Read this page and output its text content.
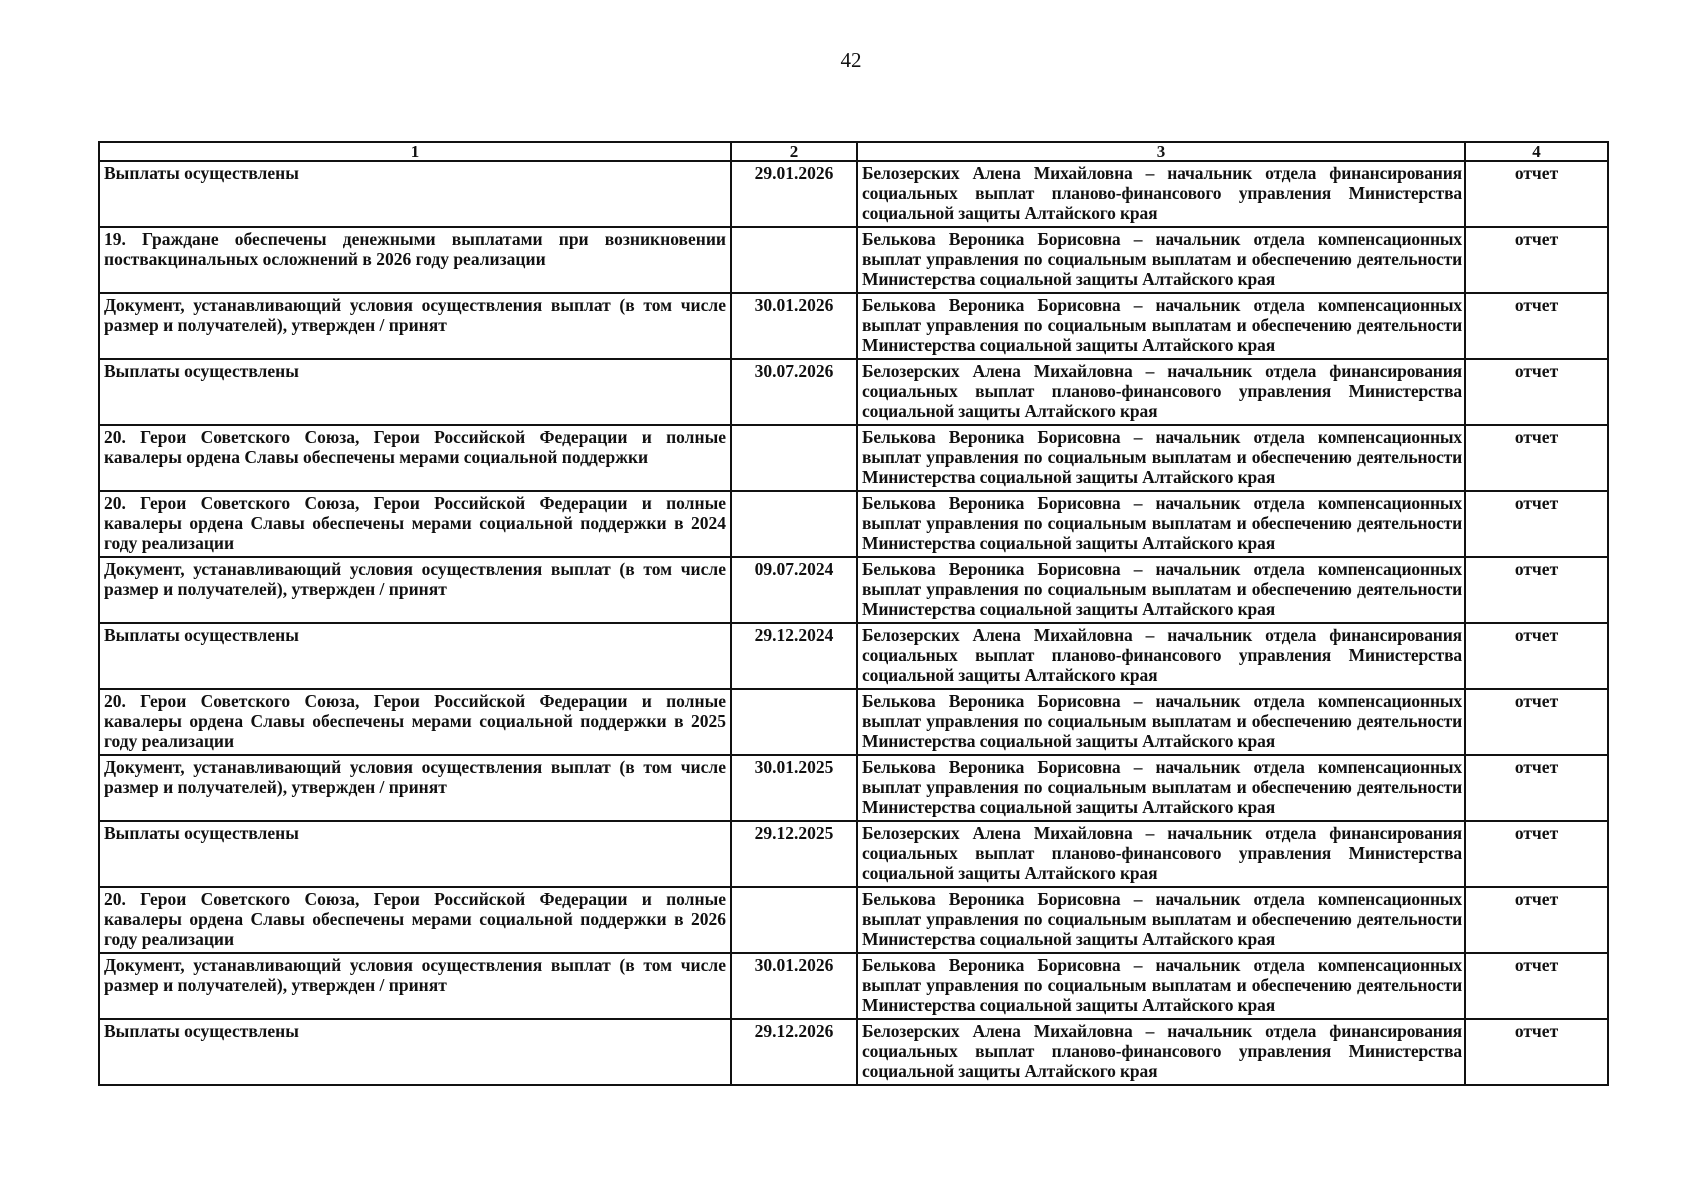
42
1	2	3	4
Выплаты осуществлены	29.01.2026	Белозерских Алена Михайловна – начальник отдела финансирования социальных выплат планово-финансового управления Министерства социальной защиты Алтайского края	отчет
19. Граждане обеспечены денежными выплатами при возникновении поствакцинальных осложнений в 2026 году реализации		Белькова Вероника Борисовна – начальник отдела компенсационных выплат управления по социальным выплатам и обеспечению деятельности Министерства социальной защиты Алтайского края	отчет
Документ, устанавливающий условия осуществления выплат (в том числе размер и получателей), утвержден / принят	30.01.2026	Белькова Вероника Борисовна – начальник отдела компенсационных выплат управления по социальным выплатам и обеспечению деятельности Министерства социальной защиты Алтайского края	отчет
Выплаты осуществлены	30.07.2026	Белозерских Алена Михайловна – начальник отдела финансирования социальных выплат планово-финансового управления Министерства социальной защиты Алтайского края	отчет
20. Герои Советского Союза, Герои Российской Федерации и полные кавалеры ордена Славы обеспечены мерами социальной поддержки		Белькова Вероника Борисовна – начальник отдела компенсационных выплат управления по социальным выплатам и обеспечению деятельности Министерства социальной защиты Алтайского края	отчет
20. Герои Советского Союза, Герои Российской Федерации и полные кавалеры ордена Славы обеспечены мерами социальной поддержки в 2024 году реализации		Белькова Вероника Борисовна – начальник отдела компенсационных выплат управления по социальным выплатам и обеспечению деятельности Министерства социальной защиты Алтайского края	отчет
Документ, устанавливающий условия осуществления выплат (в том числе размер и получателей), утвержден / принят	09.07.2024	Белькова Вероника Борисовна – начальник отдела компенсационных выплат управления по социальным выплатам и обеспечению деятельности Министерства социальной защиты Алтайского края	отчет
Выплаты осуществлены	29.12.2024	Белозерских Алена Михайловна – начальник отдела финансирования социальных выплат планово-финансового управления Министерства социальной защиты Алтайского края	отчет
20. Герои Советского Союза, Герои Российской Федерации и полные кавалеры ордена Славы обеспечены мерами социальной поддержки в 2025 году реализации		Белькова Вероника Борисовна – начальник отдела компенсационных выплат управления по социальным выплатам и обеспечению деятельности Министерства социальной защиты Алтайского края	отчет
Документ, устанавливающий условия осуществления выплат (в том числе размер и получателей), утвержден / принят	30.01.2025	Белькова Вероника Борисовна – начальник отдела компенсационных выплат управления по социальным выплатам и обеспечению деятельности Министерства социальной защиты Алтайского края	отчет
Выплаты осуществлены	29.12.2025	Белозерских Алена Михайловна – начальник отдела финансирования социальных выплат планово-финансового управления Министерства социальной защиты Алтайского края	отчет
20. Герои Советского Союза, Герои Российской Федерации и полные кавалеры ордена Славы обеспечены мерами социальной поддержки в 2026 году реализации		Белькова Вероника Борисовна – начальник отдела компенсационных выплат управления по социальным выплатам и обеспечению деятельности Министерства социальной защиты Алтайского края	отчет
Документ, устанавливающий условия осуществления выплат (в том числе размер и получателей), утвержден / принят	30.01.2026	Белькова Вероника Борисовна – начальник отдела компенсационных выплат управления по социальным выплатам и обеспечению деятельности Министерства социальной защиты Алтайского края	отчет
Выплаты осуществлены	29.12.2026	Белозерских Алена Михайловна – начальник отдела финансирования социальных выплат планово-финансового управления Министерства социальной защиты Алтайского края	отчет
